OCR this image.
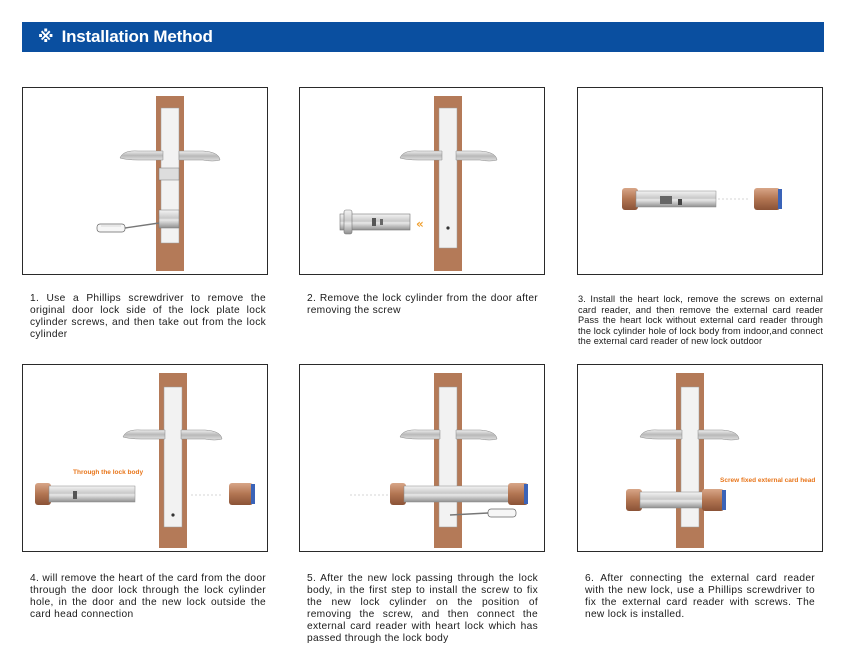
※ Installation Method
«
Through the lock body
Screw fixed external card head
1. Use a Phillips screwdriver to remove the original door lock side of the lock plate lock cylinder screws, and then take out from the lock cylinder
2. Remove the lock cylinder from the door after removing the screw
3. Install the heart lock, remove the screws on external card reader, and then remove the external card reader Pass the heart lock without external card reader through the lock cylinder hole of lock body from indoor,and connect the external card reader of new lock outdoor
4. will remove the heart of the card from the door through the door lock through the lock cylinder hole, in the door and the new lock outside the card head connection
5. After the new lock passing through the lock body, in the first step to install the screw to fix the new lock cylinder on the position of removing the screw, and then connect the external card reader with heart lock which has passed through the lock body
6. After connecting the external card reader with the new lock, use a Phillips screwdriver to fix the external card reader with screws. The new lock is installed.
